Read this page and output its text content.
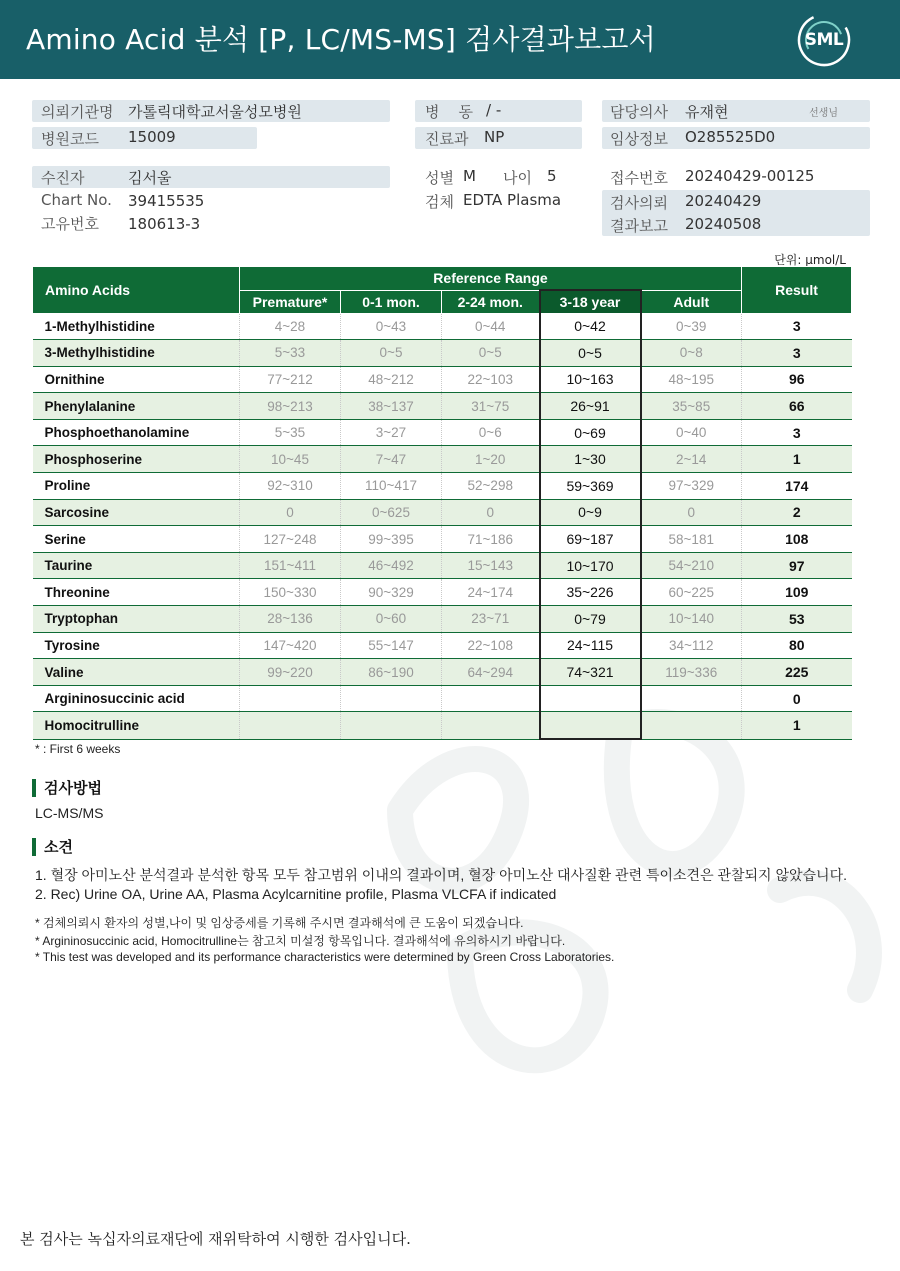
Amino Acid 분석 [P, LC/MS-MS] 검사결과보고서	SML
의뢰기관명 가톨릭대학교서울성모병원
병원코드 15009
병    동 / -
진료과 NP
담당의사 유재현	선생님
임상정보 O285525D0
수진자	김서울
Chart No. 39415535
고유번호 180613-3
성별 M 나이 5
검체 EDTA Plasma
접수번호 20240429-00125
검사의뢰 20240429
결과보고 20240508
단위: μmol/L
Amino Acids	Reference Range					Result
	Premature*	0-1 mon.	2-24 mon.	3-18 year	Adult	
1-Methylhistidine	4~28	0~43	0~44	0~42	0~39	3
3-Methylhistidine	5~33	0~5	0~5	0~5	0~8	3
Ornithine	77~212	48~212	22~103	10~163	48~195	96
Phenylalanine	98~213	38~137	31~75	26~91	35~85	66
Phosphoethanolamine	5~35	3~27	0~6	0~69	0~40	3
Phosphoserine	10~45	7~47	1~20	1~30	2~14	1
Proline	92~310	110~417	52~298	59~369	97~329	174
Sarcosine	0	0~625	0	0~9	0	2
Serine	127~248	99~395	71~186	69~187	58~181	108
Taurine	151~411	46~492	15~143	10~170	54~210	97
Threonine	150~330	90~329	24~174	35~226	60~225	109
Tryptophan	28~136	0~60	23~71	0~79	10~140	53
Tyrosine	147~420	55~147	22~108	24~115	34~112	80
Valine	99~220	86~190	64~294	74~321	119~336	225
Argininosuccinic acid						0
Homocitrulline						1
* : First 6 weeks
검사방법
LC-MS/MS
소견
1. 혈장 아미노산 분석결과 분석한 항목 모두 참고범위 이내의 결과이며, 혈장 아미노산 대사질환 관련 특이소견은 관찰되지 않았습니다.
2. Rec) Urine OA, Urine AA, Plasma Acylcarnitine profile, Plasma VLCFA if indicated
* 검체의뢰시 환자의 성별,나이 및 임상증세를 기록해 주시면 결과해석에 큰 도움이 되겠습니다.
* Argininosuccinic acid, Homocitrulline는 참고치 미설정 항목입니다. 결과해석에 유의하시기 바랍니다.
* This test was developed and its performance characteristics were determined by Green Cross Laboratories.
본 검사는 녹십자의료재단에 재위탁하여 시행한 검사입니다.
